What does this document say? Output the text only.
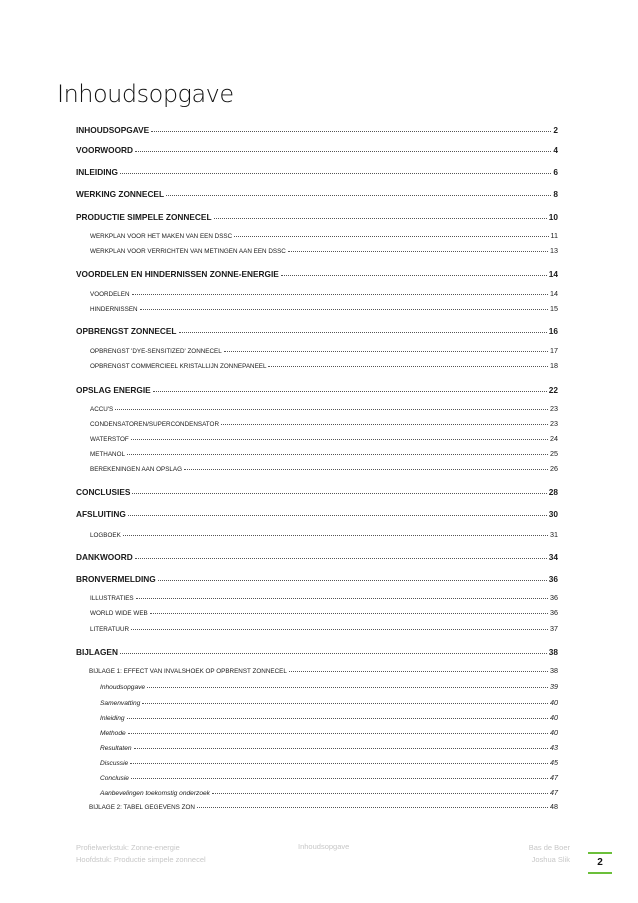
Inhoudsopgave
INHOUDSOPGAVE	2
VOORWOORD	4
INLEIDING	6
WERKING ZONNECEL	8
PRODUCTIE SIMPELE ZONNECEL	10
WERKPLAN VOOR HET MAKEN VAN EEN DSSC	11
WERKPLAN VOOR VERRICHTEN VAN METINGEN AAN EEN DSSC	13
VOORDELEN EN HINDERNISSEN ZONNE-ENERGIE	14
VOORDELEN	14
HINDERNISSEN	15
OPBRENGST ZONNECEL	16
OPBRENGST 'DYE-SENSITIZED' ZONNECEL	17
OPBRENGST COMMERCIEEL KRISTALLIJN ZONNEPANEEL	18
OPSLAG ENERGIE	22
ACCU'S	23
CONDENSATOREN/SUPERCONDENSATOR	23
WATERSTOF	24
METHANOL	25
BEREKENINGEN AAN OPSLAG	26
CONCLUSIES	28
AFSLUITING	30
LOGBOEK	31
DANKWOORD	34
BRONVERMELDING	36
ILLUSTRATIES	36
WORLD WIDE WEB	36
LITERATUUR	37
BIJLAGEN	38
BIJLAGE 1: EFFECT VAN INVALSHOEK OP OPBRENST ZONNECEL	38
Inhoudsopgave	39
Samenvatting	40
Inleiding	40
Methode	40
Resultaten	43
Discussie	45
Conclusie	47
Aanbevelingen toekomstig onderzoek	47
BIJLAGE 2: TABEL GEGEVENS ZON	48
Profielwerkstuk: Zonne-energie
Hoofdstuk: Productie simpele zonnecel
Inhoudsopgave	Bas de Boer
Joshua Slik	2
